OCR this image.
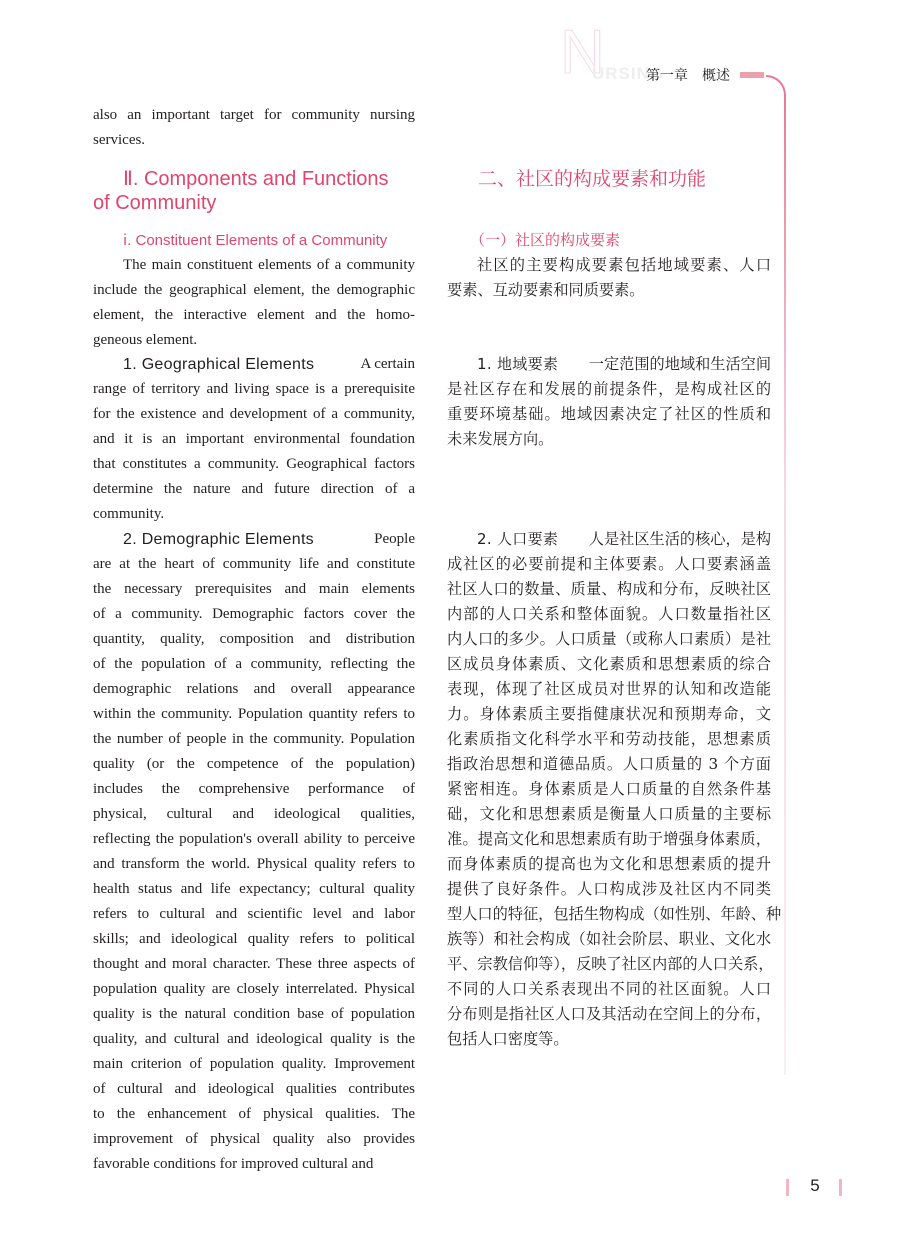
N
URSING
第一章　概述
also an important target for community nursing
services.
Ⅱ. Components and Functions
of Community
ⅰ. Constituent Elements of a Community
The main constituent elements of a community
include the geographical element, the demographic
element, the interactive element and the homo-
geneous element.
1. Geographical Elements	A certain
range of territory and living space is a prerequisite
for the existence and development of a community,
and it is an important environmental foundation
that constitutes a community. Geographical factors
determine the nature and future direction of a
community.
2. Demographic Elements	People
are at the heart of community life and constitute
the necessary prerequisites and main elements
of a community. Demographic factors cover the
quantity, quality, composition and distribution
of the population of a community, reflecting the
demographic relations and overall appearance
within the community. Population quantity refers to
the number of people in the community. Population
quality (or the competence of the population)
includes the comprehensive performance of
physical, cultural and ideological qualities,
reflecting the population's overall ability to perceive
and transform the world. Physical quality refers to
health status and life expectancy; cultural quality
refers to cultural and scientific level and labor
skills; and ideological quality refers to political
thought and moral character. These three aspects of
population quality are closely interrelated. Physical
quality is the natural condition base of population
quality, and cultural and ideological quality is the
main criterion of population quality. Improvement
of cultural and ideological qualities contributes
to the enhancement of physical qualities. The
improvement of physical quality also provides
favorable conditions for improved cultural and
二、社区的构成要素和功能
（一）社区的构成要素
社区的主要构成要素包括地域要素、人口
要素、互动要素和同质要素。
1. 地域要素 一定范围的地域和生活空间
是社区存在和发展的前提条件，是构成社区的
重要环境基础。地域因素决定了社区的性质和
未来发展方向。
2. 人口要素 人是社区生活的核心，是构
成社区的必要前提和主体要素。人口要素涵盖
社区人口的数量、质量、构成和分布，反映社区
内部的人口关系和整体面貌。人口数量指社区
内人口的多少。人口质量（或称人口素质）是社
区成员身体素质、文化素质和思想素质的综合
表现，体现了社区成员对世界的认知和改造能
力。身体素质主要指健康状况和预期寿命，文
化素质指文化科学水平和劳动技能，思想素质
指政治思想和道德品质。人口质量的 3 个方面
紧密相连。身体素质是人口质量的自然条件基
础，文化和思想素质是衡量人口质量的主要标
准。提高文化和思想素质有助于增强身体素质，
而身体素质的提高也为文化和思想素质的提升
提供了良好条件。人口构成涉及社区内不同类
型人口的特征，包括生物构成（如性别、年龄、种
族等）和社会构成（如社会阶层、职业、文化水
平、宗教信仰等），反映了社区内部的人口关系，
不同的人口关系表现出不同的社区面貌。人口
分布则是指社区人口及其活动在空间上的分布，
包括人口密度等。
5
